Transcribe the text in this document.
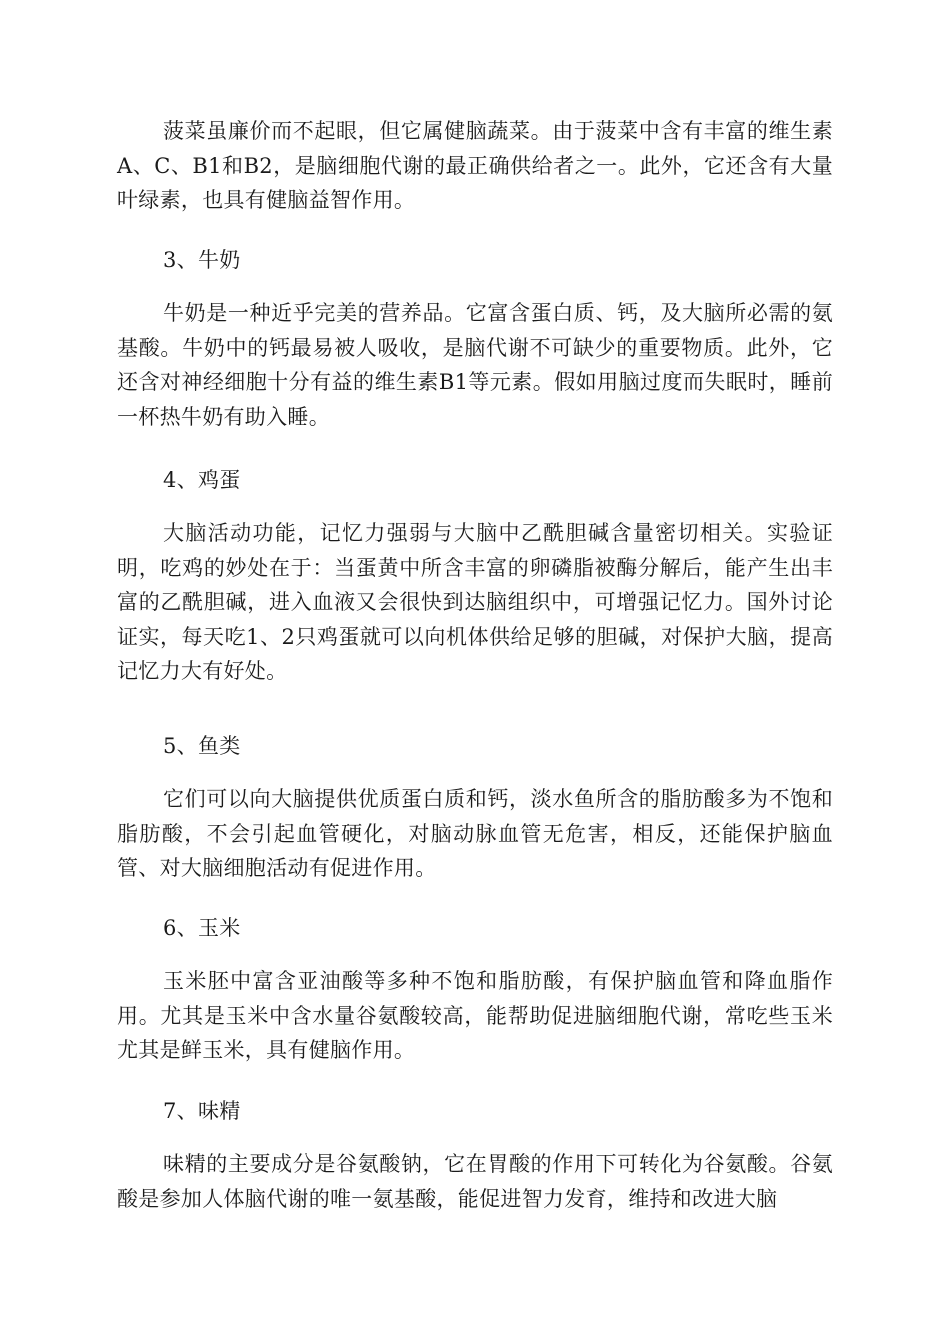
菠菜虽廉价而不起眼，但它属健脑蔬菜。由于菠菜中含有丰富的维生素A、C、B1和B2，是脑细胞代谢的最正确供给者之一。此外，它还含有大量叶绿素，也具有健脑益智作用。

3、牛奶

牛奶是一种近乎完美的营养品。它富含蛋白质、钙，及大脑所必需的氨基酸。牛奶中的钙最易被人吸收，是脑代谢不可缺少的重要物质。此外，它还含对神经细胞十分有益的维生素B1等元素。假如用脑过度而失眠时，睡前一杯热牛奶有助入睡。

4、鸡蛋

大脑活动功能，记忆力强弱与大脑中乙酰胆碱含量密切相关。实验证明，吃鸡的妙处在于：当蛋黄中所含丰富的卵磷脂被酶分解后，能产生出丰富的乙酰胆碱，进入血液又会很快到达脑组织中，可增强记忆力。国外讨论证实，每天吃1、2只鸡蛋就可以向机体供给足够的胆碱，对保护大脑，提高记忆力大有好处。

5、鱼类

它们可以向大脑提供优质蛋白质和钙，淡水鱼所含的脂肪酸多为不饱和脂肪酸，不会引起血管硬化，对脑动脉血管无危害，相反，还能保护脑血管、对大脑细胞活动有促进作用。

6、玉米

玉米胚中富含亚油酸等多种不饱和脂肪酸，有保护脑血管和降血脂作用。尤其是玉米中含水量谷氨酸较高，能帮助促进脑细胞代谢，常吃些玉米尤其是鲜玉米，具有健脑作用。

7、味精

味精的主要成分是谷氨酸钠，它在胃酸的作用下可转化为谷氨酸。谷氨酸是参加人体脑代谢的唯一氨基酸，能促进智力发育，维持和改进大脑
